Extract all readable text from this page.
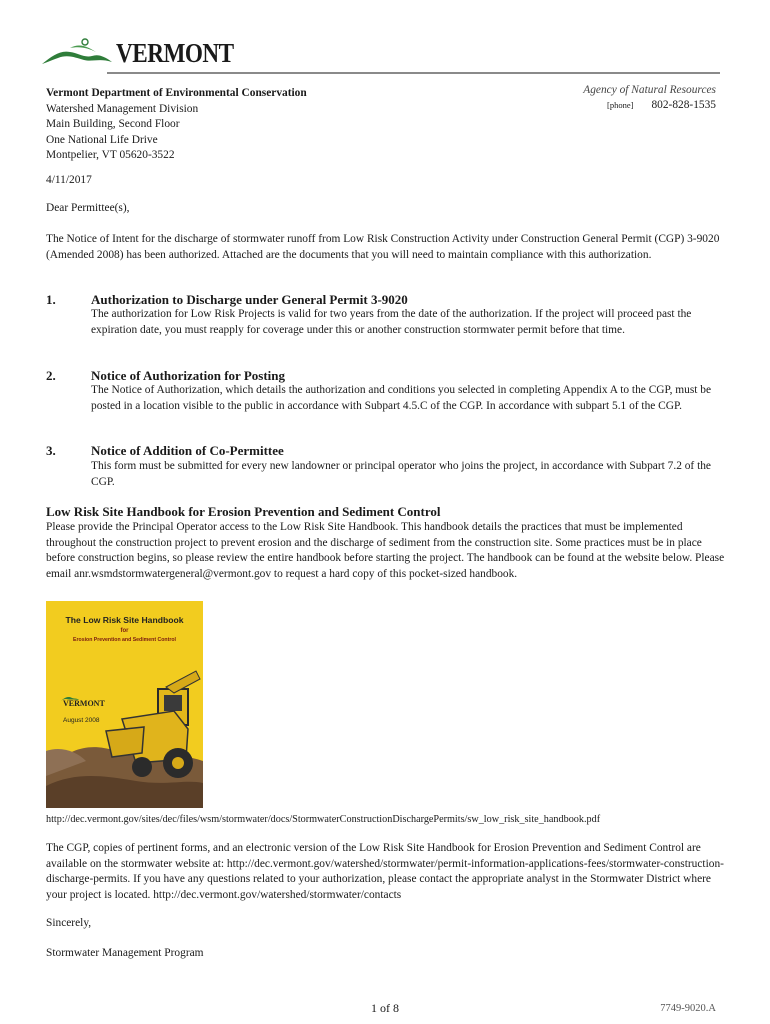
VERMONT
Vermont Department of Environmental Conservation
Watershed Management Division
Main Building, Second Floor
One National Life Drive
Montpelier, VT 05620-3522
Agency of Natural Resources
[phone] 802-828-1535
4/11/2017
Dear Permittee(s),
The Notice of Intent for the discharge of stormwater runoff from Low Risk Construction Activity under Construction General Permit (CGP) 3-9020 (Amended 2008) has been authorized. Attached are the documents that you will need to maintain compliance with this authorization.
1.	Authorization to Discharge under General Permit 3-9020
The authorization for Low Risk Projects is valid for two years from the date of the authorization. If the project will proceed past the expiration date, you must reapply for coverage under this or another construction stormwater permit before that time.
2.	Notice of Authorization for Posting
The Notice of Authorization, which details the authorization and conditions you selected in completing Appendix A to the CGP, must be posted in a location visible to the public in accordance with Subpart 4.5.C of the CGP. In accordance with subpart 5.1 of the CGP.
3.	Notice of Addition of Co-Permittee
This form must be submitted for every new landowner or principal operator who joins the project, in accordance with Subpart 7.2 of the CGP.
Low Risk Site Handbook for Erosion Prevention and Sediment Control
Please provide the Principal Operator access to the Low Risk Site Handbook. This handbook details the practices that must be implemented throughout the construction project to prevent erosion and the discharge of sediment from the construction site. Some practices must be in place before construction begins, so please review the entire handbook before starting the project. The handbook can be found at the website below. Please email anr.wsmdstormwatergeneral@vermont.gov to request a hard copy of this pocket-sized handbook.
The Low Risk Site Handbook
for
Erosion Prevention and Sediment Control
VERMONT
August 2008
http://dec.vermont.gov/sites/dec/files/wsm/stormwater/docs/StormwaterConstructionDischargePermits/sw_low_risk_site_handbook.pdf
The CGP, copies of pertinent forms, and an electronic version of the Low Risk Site Handbook for Erosion Prevention and Sediment Control are available on the stormwater website at: http://dec.vermont.gov/watershed/stormwater/permit-information-applications-fees/stormwater-construction-discharge-permits. If you have any questions related to your authorization, please contact the appropriate analyst in the Stormwater District where your project is located. http://dec.vermont.gov/watershed/stormwater/contacts
Sincerely,
Stormwater Management Program
1 of 8	7749-9020.A
